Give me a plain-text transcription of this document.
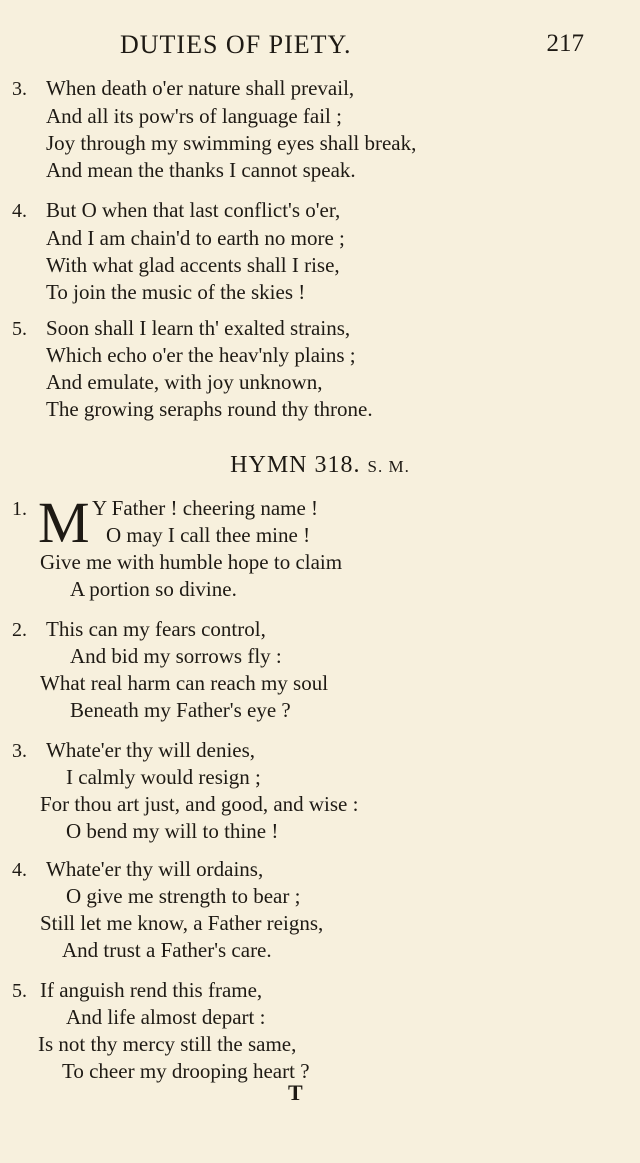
DUTIES OF PIETY.	217
3. When death o'er nature shall prevail,
And all its pow'rs of language fail ;
Joy through my swimming eyes shall break,
And mean the thanks I cannot speak.
4. But O when that last conflict's o'er,
And I am chain'd to earth no more ;
With what glad accents shall I rise,
To join the music of the skies !
5. Soon shall I learn th' exalted strains,
Which echo o'er the heav'nly plains ;
And emulate, with joy unknown,
The growing seraphs round thy throne.
HYMN 318. S. M.
1. M Y Father ! cheering name !
O may I call thee mine !
Give me with humble hope to claim
A portion so divine.
2. This can my fears control,
And bid my sorrows fly :
What real harm can reach my soul
Beneath my Father's eye ?
3. Whate'er thy will denies,
I calmly would resign ;
For thou art just, and good, and wise :
O bend my will to thine !
4. Whate'er thy will ordains,
O give me strength to bear ;
Still let me know, a Father reigns,
And trust a Father's care.
5. If anguish rend this frame,
And life almost depart :
Is not thy mercy still the same,
To cheer my drooping heart ?
T
